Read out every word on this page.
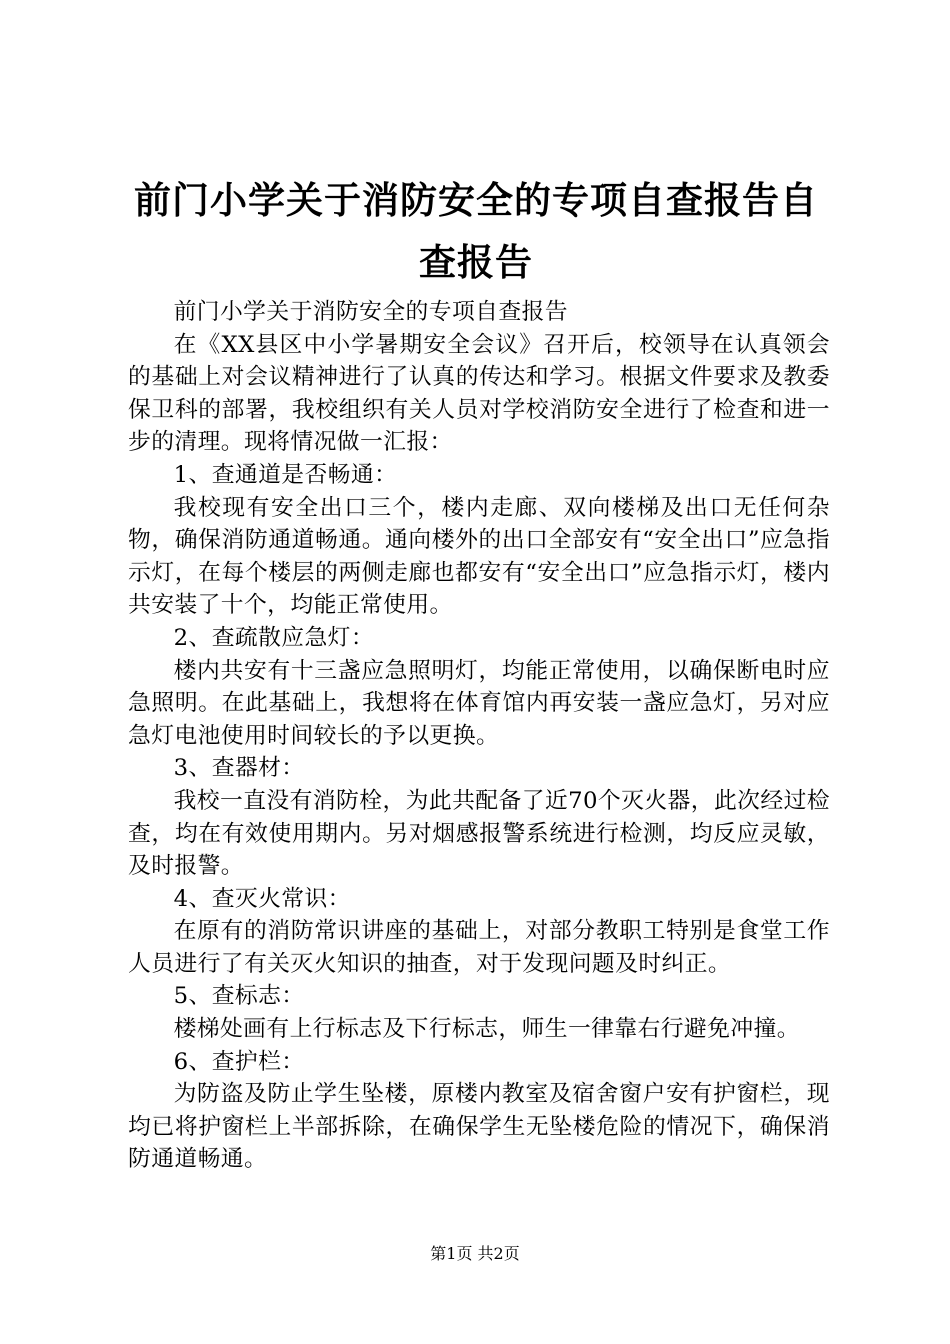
前门小学关于消防安全的专项自查报告自查报告

前门小学关于消防安全的专项自查报告

在《XX县区中小学暑期安全会议》召开后，校领导在认真领会的基础上对会议精神进行了认真的传达和学习。根据文件要求及教委保卫科的部署，我校组织有关人员对学校消防安全进行了检查和进一步的清理。现将情况做一汇报：

1、查通道是否畅通：

我校现有安全出口三个，楼内走廊、双向楼梯及出口无任何杂物，确保消防通道畅通。通向楼外的出口全部安有“安全出口”应急指示灯，在每个楼层的两侧走廊也都安有“安全出口”应急指示灯，楼内共安装了十个，均能正常使用。

2、查疏散应急灯：

楼内共安有十三盏应急照明灯，均能正常使用，以确保断电时应急照明。在此基础上，我想将在体育馆内再安装一盏应急灯，另对应急灯电池使用时间较长的予以更换。

3、查器材：

我校一直没有消防栓，为此共配备了近70个灭火器，此次经过检查，均在有效使用期内。另对烟感报警系统进行检测，均反应灵敏，及时报警。

4、查灭火常识：

在原有的消防常识讲座的基础上，对部分教职工特别是食堂工作人员进行了有关灭火知识的抽查，对于发现问题及时纠正。

5、查标志：

楼梯处画有上行标志及下行标志，师生一律靠右行避免冲撞。

6、查护栏：

为防盗及防止学生坠楼，原楼内教室及宿舍窗户安有护窗栏，现均已将护窗栏上半部拆除，在确保学生无坠楼危险的情况下，确保消防通道畅通。

第1页 共2页
